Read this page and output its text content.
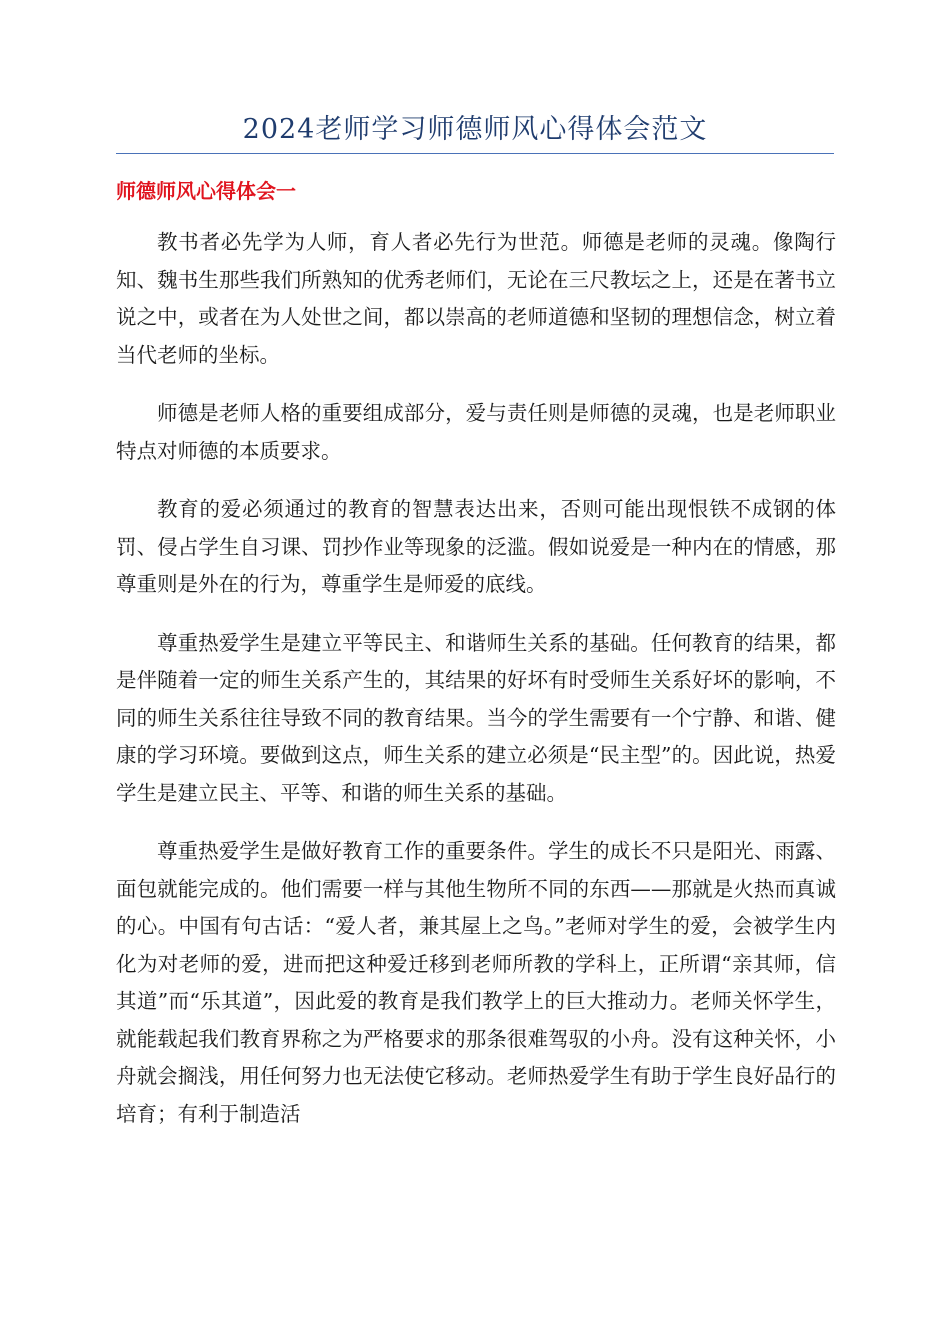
2024老师学习师德师风心得体会范文
师德师风心得体会一

教书者必先学为人师，育人者必先行为世范。师德是老师的灵魂。像陶行知、魏书生那些我们所熟知的优秀老师们，无论在三尺教坛之上，还是在著书立说之中，或者在为人处世之间，都以崇高的老师道德和坚韧的理想信念，树立着当代老师的坐标。

师德是老师人格的重要组成部分，爱与责任则是师德的灵魂，也是老师职业特点对师德的本质要求。

教育的爱必须通过的教育的智慧表达出来，否则可能出现恨铁不成钢的体罚、侵占学生自习课、罚抄作业等现象的泛滥。假如说爱是一种内在的情感，那尊重则是外在的行为，尊重学生是师爱的底线。

尊重热爱学生是建立平等民主、和谐师生关系的基础。任何教育的结果，都是伴随着一定的师生关系产生的，其结果的好坏有时受师生关系好坏的影响，不同的师生关系往往导致不同的教育结果。当今的学生需要有一个宁静、和谐、健康的学习环境。要做到这点，师生关系的建立必须是“民主型”的。因此说，热爱学生是建立民主、平等、和谐的师生关系的基础。

尊重热爱学生是做好教育工作的重要条件。学生的成长不只是阳光、雨露、面包就能完成的。他们需要一样与其他生物所不同的东西——那就是火热而真诚的心。中国有句古话：“爱人者，兼其屋上之鸟。”老师对学生的爱，会被学生内化为对老师的爱，进而把这种爱迁移到老师所教的学科上，正所谓“亲其师，信其道”而“乐其道”，因此爱的教育是我们教学上的巨大推动力。老师关怀学生，就能载起我们教育界称之为严格要求的那条很难驾驭的小舟。没有这种关怀，小舟就会搁浅，用任何努力也无法使它移动。老师热爱学生有助于学生良好品行的培育；有利于制造活
